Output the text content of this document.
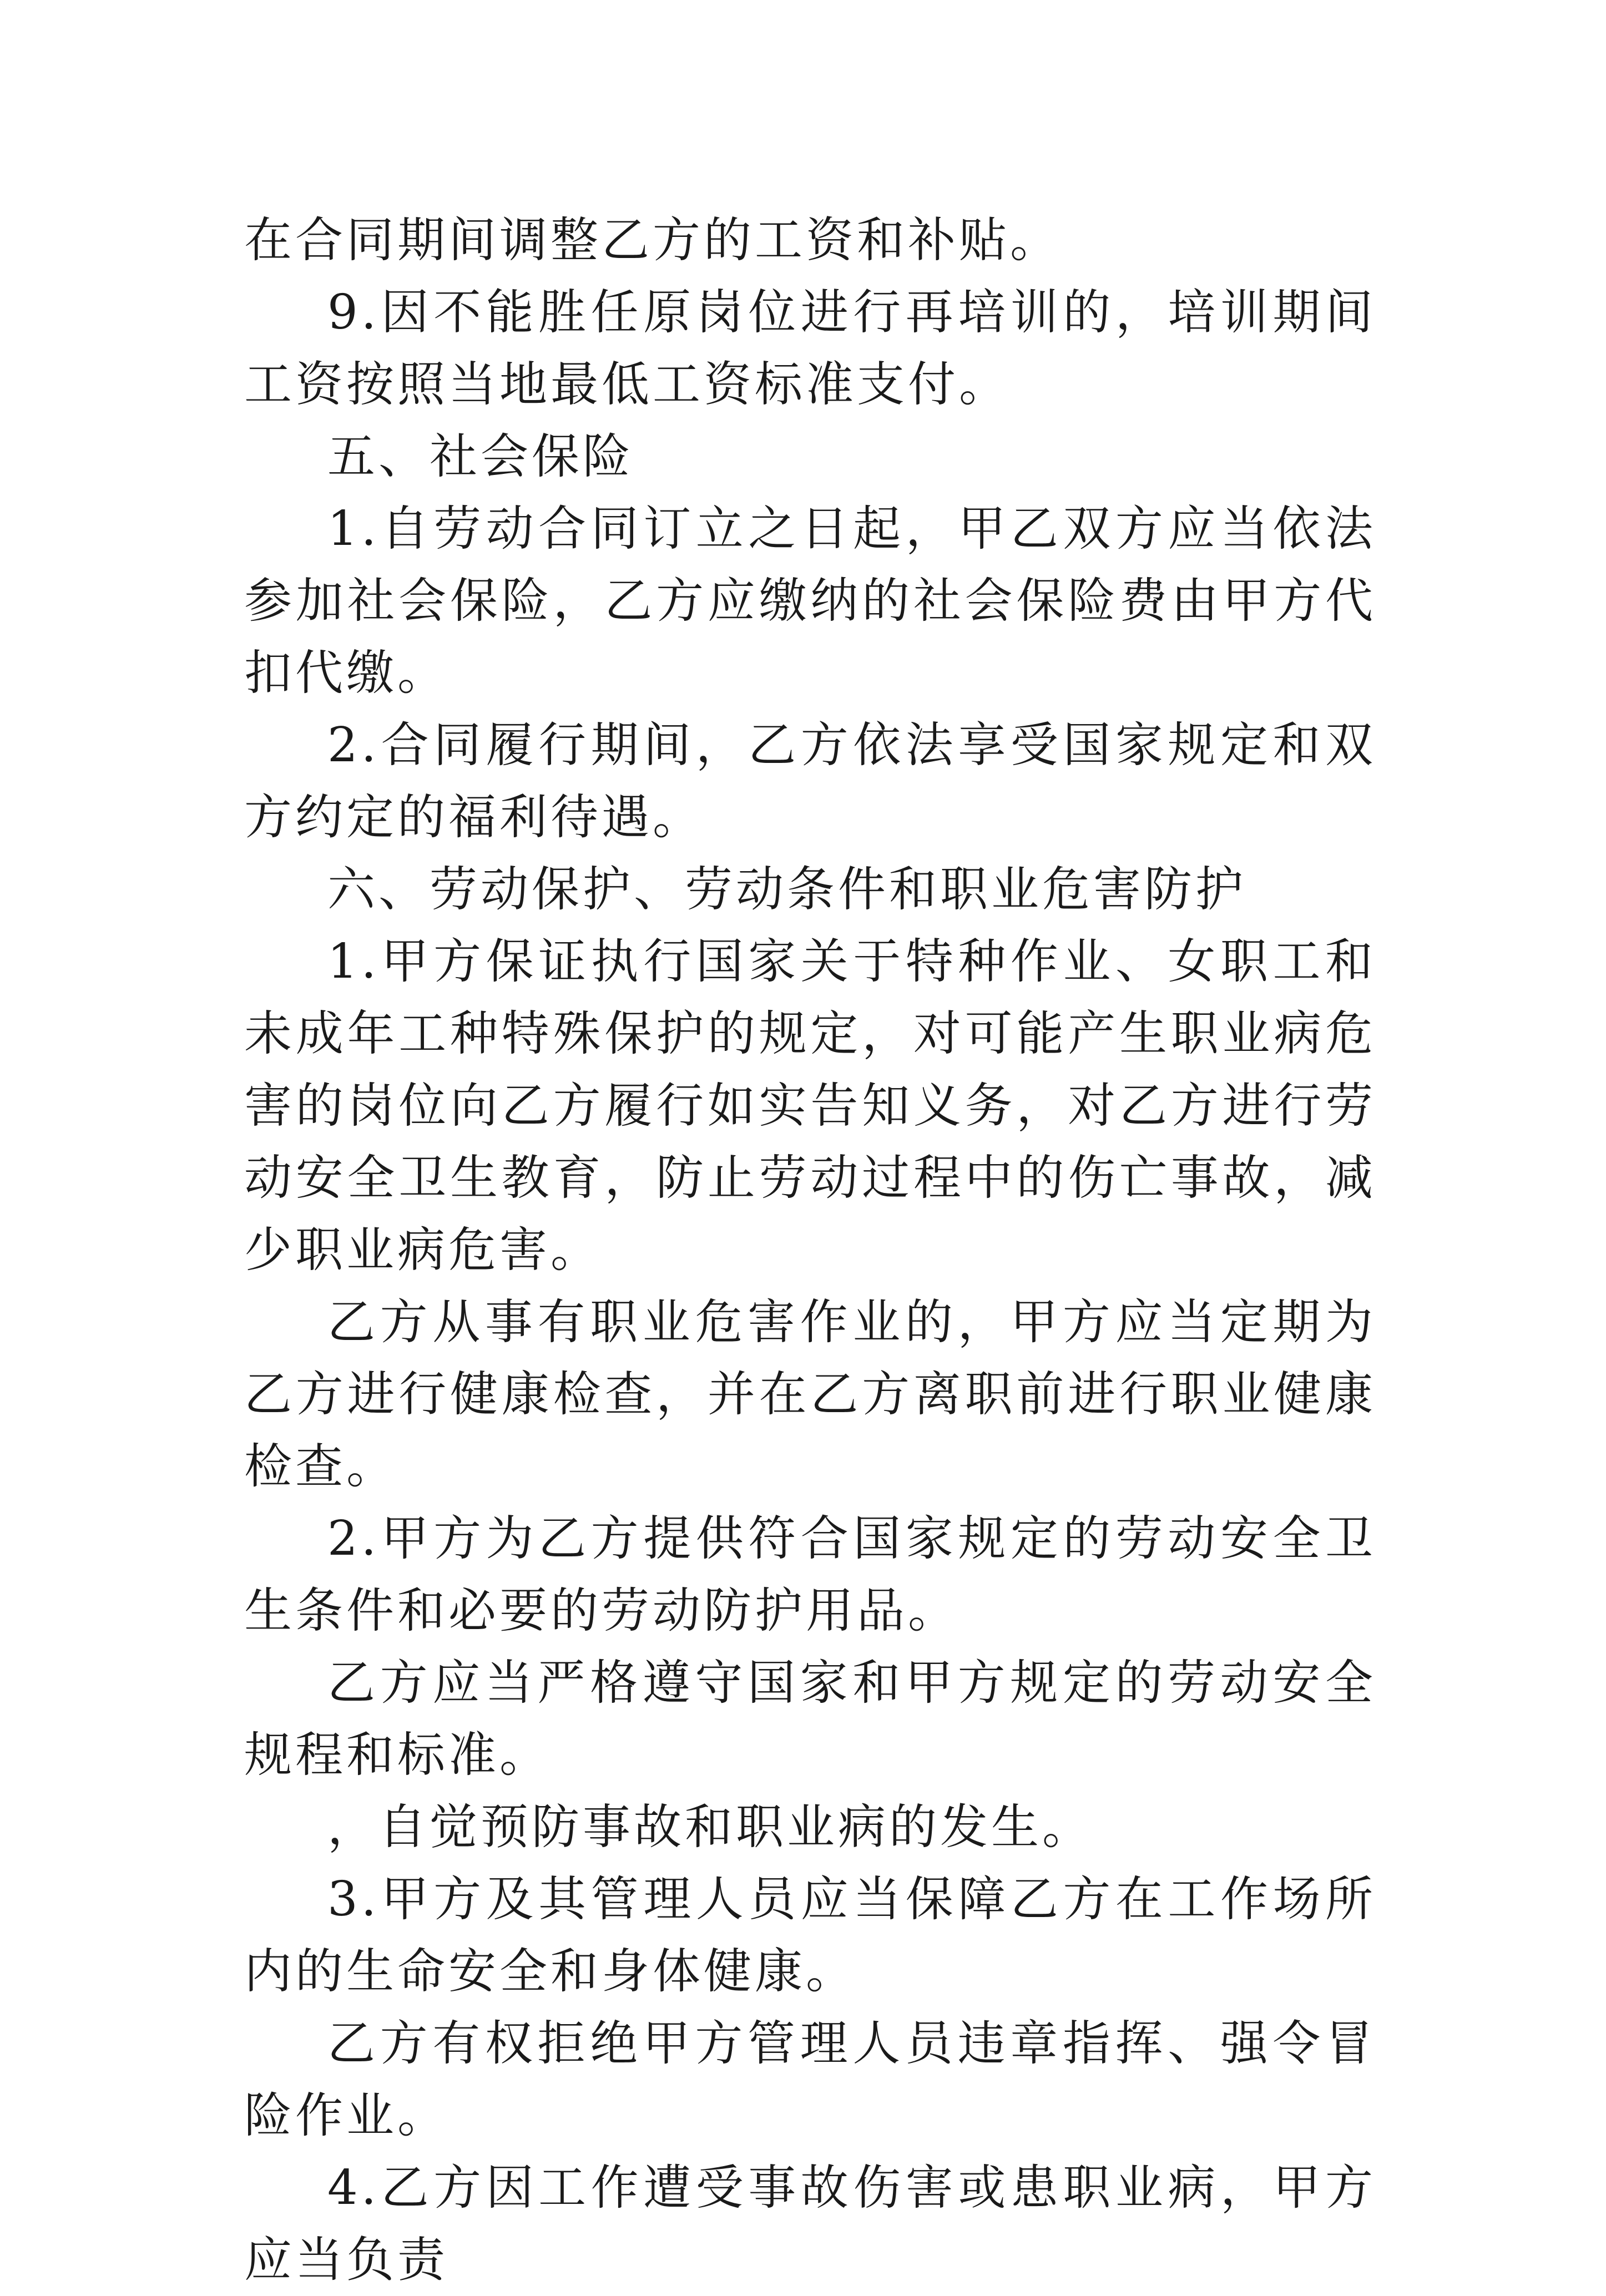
在合同期间调整乙方的工资和补贴。

9.因不能胜任原岗位进行再培训的，培训期间工资按照当地最低工资标准支付。

五、社会保险

1.自劳动合同订立之日起，甲乙双方应当依法参加社会保险，乙方应缴纳的社会保险费由甲方代扣代缴。

2.合同履行期间，乙方依法享受国家规定和双方约定的福利待遇。

六、劳动保护、劳动条件和职业危害防护

1.甲方保证执行国家关于特种作业、女职工和未成年工种特殊保护的规定，对可能产生职业病危害的岗位向乙方履行如实告知义务，对乙方进行劳动安全卫生教育，防止劳动过程中的伤亡事故，减少职业病危害。

乙方从事有职业危害作业的，甲方应当定期为乙方进行健康检查，并在乙方离职前进行职业健康检查。

2.甲方为乙方提供符合国家规定的劳动安全卫生条件和必要的劳动防护用品。

乙方应当严格遵守国家和甲方规定的劳动安全规程和标准。

，自觉预防事故和职业病的发生。

3.甲方及其管理人员应当保障乙方在工作场所内的生命安全和身体健康。

乙方有权拒绝甲方管理人员违章指挥、强令冒险作业。

4.乙方因工作遭受事故伤害或患职业病，甲方应当负责
